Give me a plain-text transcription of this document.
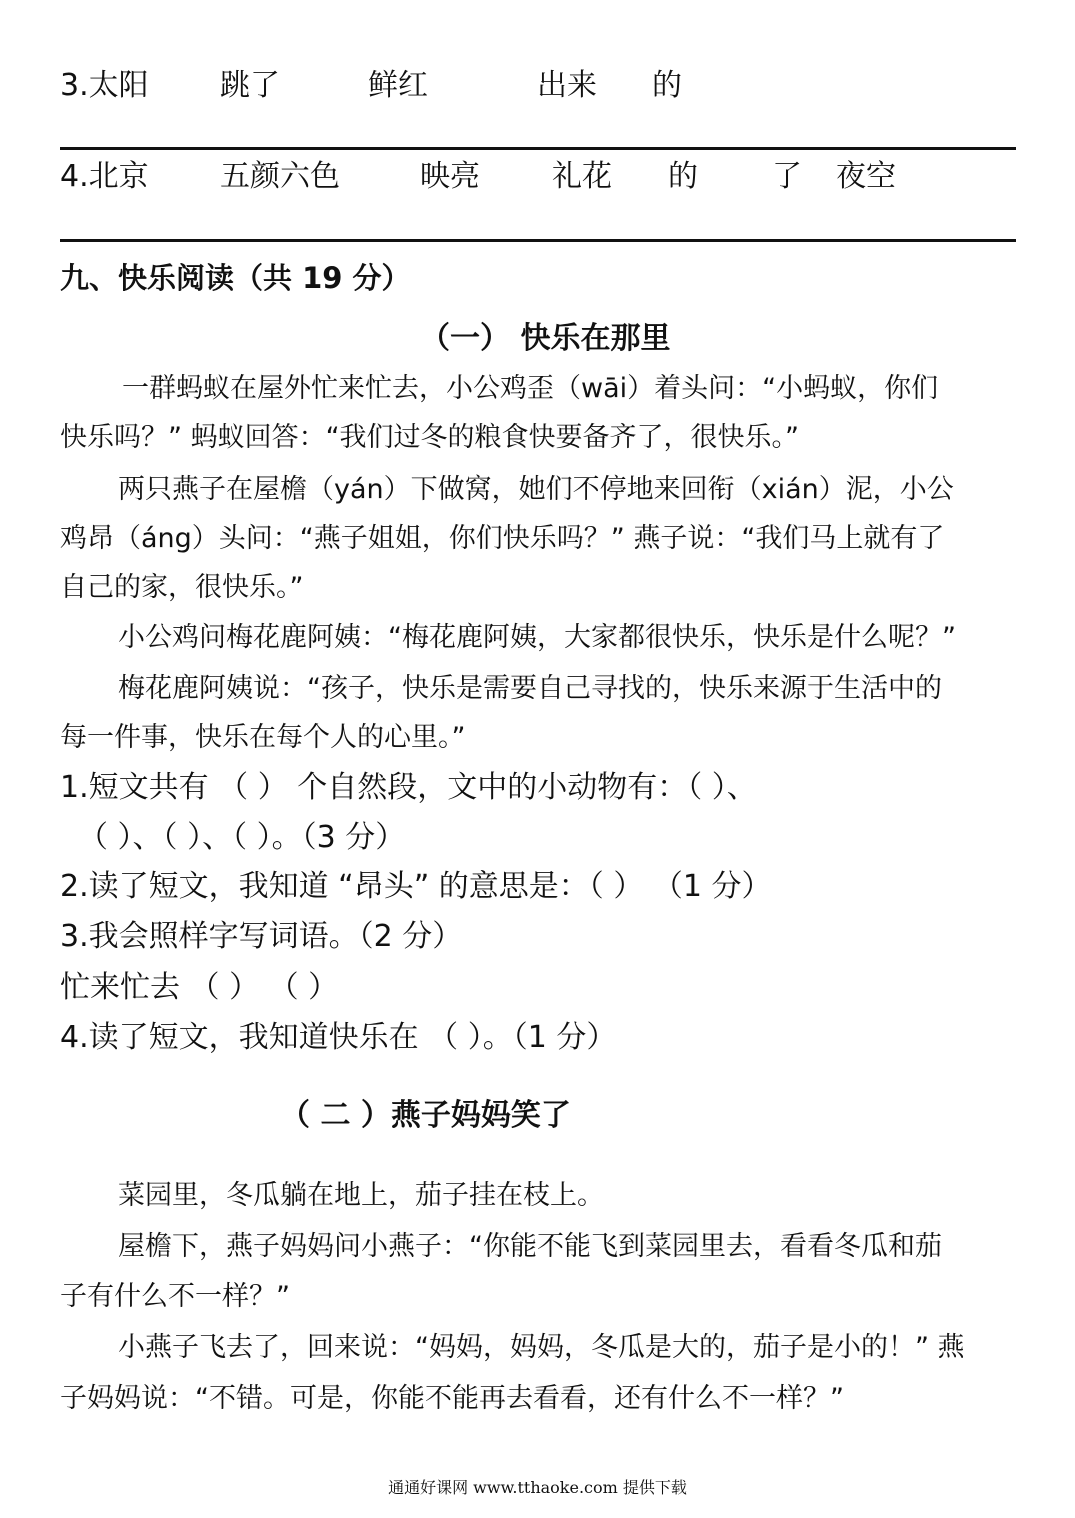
3.太阳 跳了	鲜红	出来 的
4.北京 五颜六色	映亮 礼花 的 了 夜空
九、快乐阅读（共 19 分）
（一） 快乐在那里
一群蚂蚁在屋外忙来忙去，小公鸡歪（wāi）着头问：“小蚂蚁，你们
快乐吗？” 蚂蚁回答：“我们过冬的粮食快要备齐了，很快乐。”
两只燕子在屋檐（yán）下做窝，她们不停地来回衔（xián）泥，小公
鸡昂（áng）头问：“燕子姐姐，你们快乐吗？” 燕子说：“我们马上就有了
自己的家，很快乐。”
小公鸡问梅花鹿阿姨：“梅花鹿阿姨，大家都很快乐，快乐是什么呢？”
梅花鹿阿姨说：“孩子，快乐是需要自己寻找的，快乐来源于生活中的
每一件事，快乐在每个人的心里。”
1.短文共有 （ ） 个自然段，文中的小动物有：（ ）、
（ ）、（ ）、（ ）。（3 分）
2.读了短文，我知道 “昂头” 的意思是：（ ） （1 分）
3.我会照样字写词语。（2 分）
忙来忙去 （ ） （ ）
4.读了短文，我知道快乐在 （ ）。（1 分）
（ 二 ）燕子妈妈笑了
菜园里，冬瓜躺在地上，茄子挂在枝上。
屋檐下，燕子妈妈问小燕子：“你能不能飞到菜园里去，看看冬瓜和茄
子有什么不一样？”
小燕子飞去了，回来说：“妈妈，妈妈，冬瓜是大的，茄子是小的！” 燕
子妈妈说：“不错。可是，你能不能再去看看，还有什么不一样？”
通通好课网 www.tthaoke.com 提供下载
